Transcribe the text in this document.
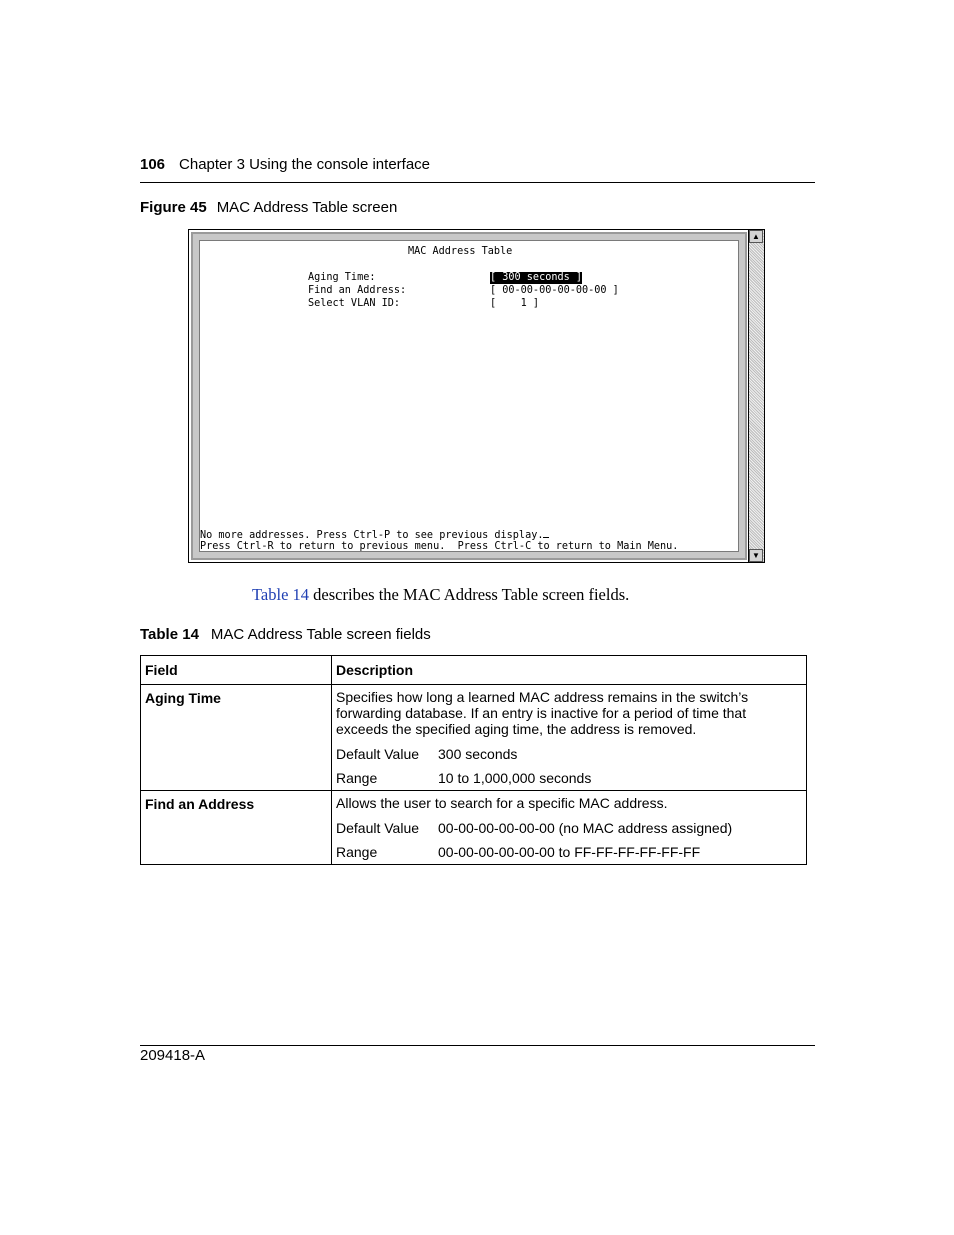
106 Chapter 3 Using the console interface
Figure 45 MAC Address Table screen
MAC Address Table
Aging Time:	[ 300 seconds ]
Find an Address:	[ 00-00-00-00-00-00 ]
Select VLAN ID:	[    1 ]
No more addresses. Press Ctrl-P to see previous display.
Press Ctrl-R to return to previous menu.  Press Ctrl-C to return to Main Menu.
▲
▼
Table 14 describes the MAC Address Table screen fields.
Table 14 MAC Address Table screen fields
Field	Description
Aging Time	Specifies how long a learned MAC address remains in the switch’s forwarding database. If an entry is inactive for a period of time that exceeds the specified aging time, the address is removed.
Default Value 300 seconds
Range 10 to 1,000,000 seconds

Find an Address	Allows the user to search for a specific MAC address.
Default Value 00-00-00-00-00-00 (no MAC address assigned)
Range 00-00-00-00-00-00 to FF-FF-FF-FF-FF-FF
209418-A
